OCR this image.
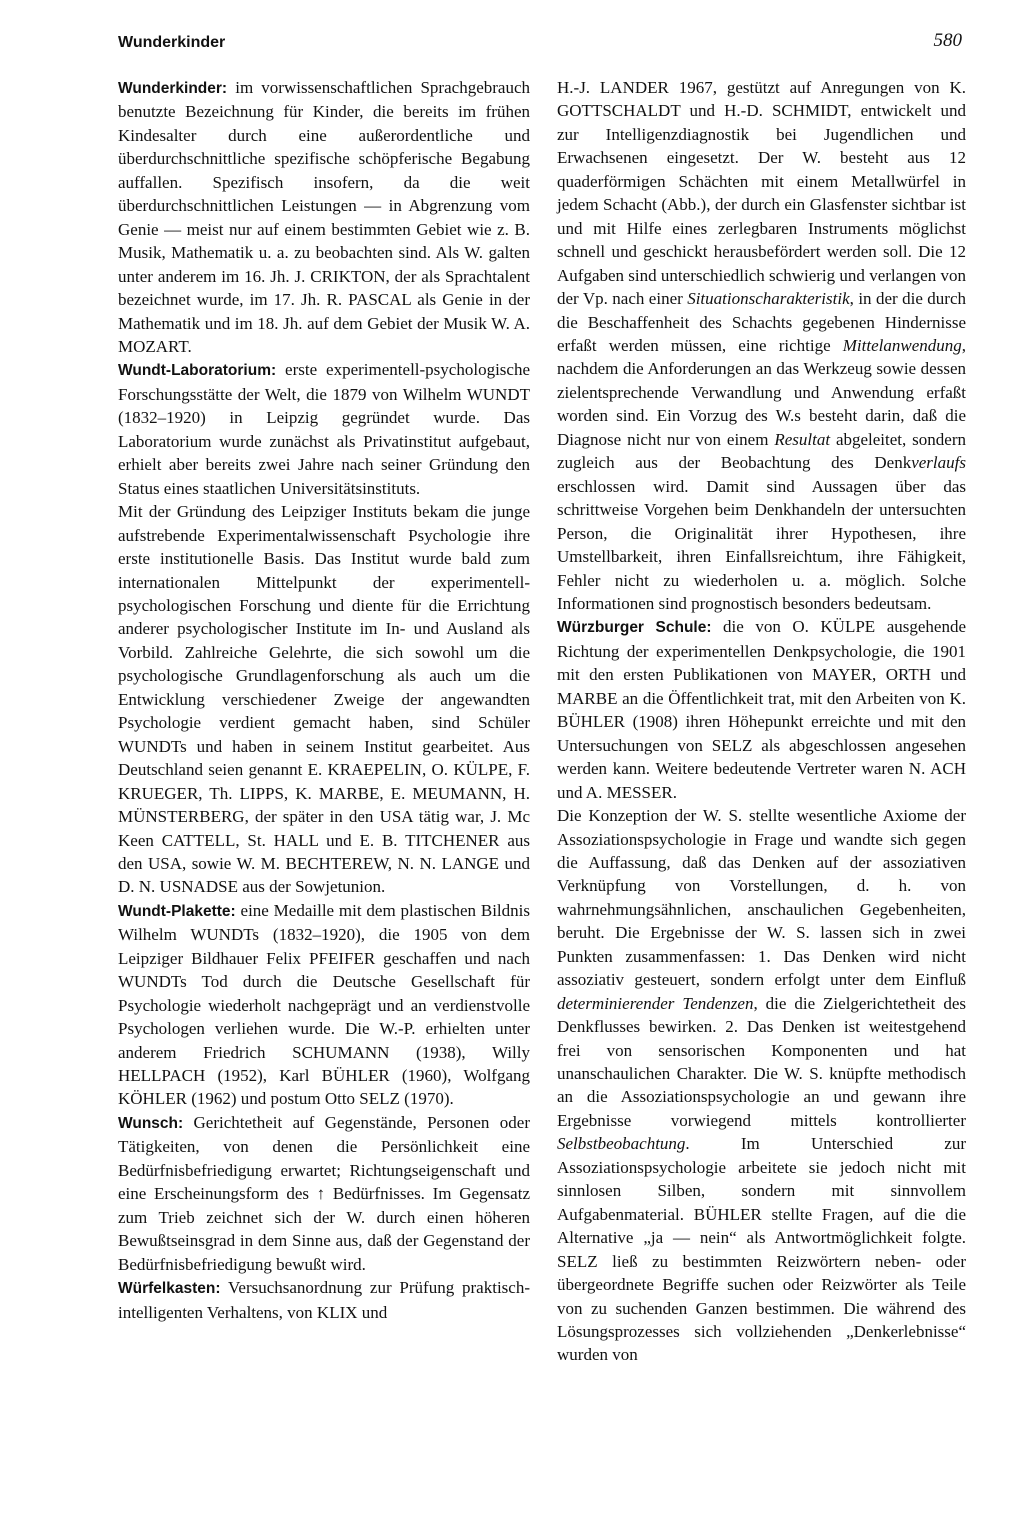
Wunderkinder	580

Wunderkinder: im vorwissenschaftlichen Sprachgebrauch benutzte Bezeichnung für Kinder, die bereits im frühen Kindesalter durch eine außerordentliche und überdurchschnittliche spezifische schöpferische Begabung auffallen. Spezifisch insofern, da die weit überdurchschnittlichen Leistungen — in Abgrenzung vom Genie — meist nur auf einem bestimmten Gebiet wie z. B. Musik, Mathematik u. a. zu beobachten sind. Als W. galten unter anderem im 16. Jh. J. CRIKTON, der als Sprachtalent bezeichnet wurde, im 17. Jh. R. PASCAL als Genie in der Mathematik und im 18. Jh. auf dem Gebiet der Musik W. A. MOZART.

Wundt-Laboratorium: erste experimentell-psychologische Forschungsstätte der Welt, die 1879 von Wilhelm WUNDT (1832–1920) in Leipzig gegründet wurde. Das Laboratorium wurde zunächst als Privatinstitut aufgebaut, erhielt aber bereits zwei Jahre nach seiner Gründung den Status eines staatlichen Universitätsinstituts.

Mit der Gründung des Leipziger Instituts bekam die junge aufstrebende Experimentalwissenschaft Psychologie ihre erste institutionelle Basis. Das Institut wurde bald zum internationalen Mittelpunkt der experimentell-psychologischen Forschung und diente für die Errichtung anderer psychologischer Institute im In- und Ausland als Vorbild. Zahlreiche Gelehrte, die sich sowohl um die psychologische Grundlagenforschung als auch um die Entwicklung verschiedener Zweige der angewandten Psychologie verdient gemacht haben, sind Schüler WUNDTs und haben in seinem Institut gearbeitet. Aus Deutschland seien genannt E. KRAEPELIN, O. KÜLPE, F. KRUEGER, Th. LIPPS, K. MARBE, E. MEUMANN, H. MÜNSTERBERG, der später in den USA tätig war, J. Mc Keen CATTELL, St. HALL und E. B. TITCHENER aus den USA, sowie W. M. BECHTEREW, N. N. LANGE und D. N. USNADSE aus der Sowjetunion.

Wundt-Plakette: eine Medaille mit dem plastischen Bildnis Wilhelm WUNDTs (1832–1920), die 1905 von dem Leipziger Bildhauer Felix PFEIFER geschaffen und nach WUNDTs Tod durch die Deutsche Gesellschaft für Psychologie wiederholt nachgeprägt und an verdienstvolle Psychologen verliehen wurde. Die W.-P. erhielten unter anderem Friedrich SCHUMANN (1938), Willy HELLPACH (1952), Karl BÜHLER (1960), Wolfgang KÖHLER (1962) und postum Otto SELZ (1970).

Wunsch: Gerichtetheit auf Gegenstände, Personen oder Tätigkeiten, von denen die Persönlichkeit eine Bedürfnisbefriedigung erwartet; Richtungseigenschaft und eine Erscheinungsform des ↑ Bedürfnisses. Im Gegensatz zum Trieb zeichnet sich der W. durch einen höheren Bewußtseinsgrad in dem Sinne aus, daß der Gegenstand der Bedürfnisbefriedigung bewußt wird.

Würfelkasten: Versuchsanordnung zur Prüfung praktisch-intelligenten Verhaltens, von KLIX und

H.-J. LANDER 1967, gestützt auf Anregungen von K. GOTTSCHALDT und H.-D. SCHMIDT, entwickelt und zur Intelligenzdiagnostik bei Jugendlichen und Erwachsenen eingesetzt. Der W. besteht aus 12 quaderförmigen Schächten mit einem Metallwürfel in jedem Schacht (Abb.), der durch ein Glasfenster sichtbar ist und mit Hilfe eines zerlegbaren Instruments möglichst schnell und geschickt herausbefördert werden soll. Die 12 Aufgaben sind unterschiedlich schwierig und verlangen von der Vp. nach einer Situationscharakteristik, in der die durch die Beschaffenheit des Schachts gegebenen Hindernisse erfaßt werden müssen, eine richtige Mittelanwendung, nachdem die Anforderungen an das Werkzeug sowie dessen zielentsprechende Verwandlung und Anwendung erfaßt worden sind. Ein Vorzug des W.s besteht darin, daß die Diagnose nicht nur von einem Resultat abgeleitet, sondern zugleich aus der Beobachtung des Denkverlaufs erschlossen wird. Damit sind Aussagen über das schrittweise Vorgehen beim Denkhandeln der untersuchten Person, die Originalität ihrer Hypothesen, ihre Umstellbarkeit, ihren Einfallsreichtum, ihre Fähigkeit, Fehler nicht zu wiederholen u. a. möglich. Solche Informationen sind prognostisch besonders bedeutsam.

Würzburger Schule: die von O. KÜLPE ausgehende Richtung der experimentellen Denkpsychologie, die 1901 mit den ersten Publikationen von MAYER, ORTH und MARBE an die Öffentlichkeit trat, mit den Arbeiten von K. BÜHLER (1908) ihren Höhepunkt erreichte und mit den Untersuchungen von SELZ als abgeschlossen angesehen werden kann. Weitere bedeutende Vertreter waren N. ACH und A. MESSER.

Die Konzeption der W. S. stellte wesentliche Axiome der Assoziationspsychologie in Frage und wandte sich gegen die Auffassung, daß das Denken auf der assoziativen Verknüpfung von Vorstellungen, d. h. von wahrnehmungsähnlichen, anschaulichen Gegebenheiten, beruht. Die Ergebnisse der W. S. lassen sich in zwei Punkten zusammenfassen: 1. Das Denken wird nicht assoziativ gesteuert, sondern erfolgt unter dem Einfluß determinierender Tendenzen, die die Zielgerichtetheit des Denkflusses bewirken. 2. Das Denken ist weitestgehend frei von sensorischen Komponenten und hat unanschaulichen Charakter. Die W. S. knüpfte methodisch an die Assoziationspsychologie an und gewann ihre Ergebnisse vorwiegend mittels kontrollierter Selbstbeobachtung. Im Unterschied zur Assoziationspsychologie arbeitete sie jedoch nicht mit sinnlosen Silben, sondern mit sinnvollem Aufgabenmaterial. BÜHLER stellte Fragen, auf die die Alternative „ja — nein“ als Antwortmöglichkeit folgte. SELZ ließ zu bestimmten Reizwörtern neben- oder übergeordnete Begriffe suchen oder Reizwörter als Teile von zu suchenden Ganzen bestimmen. Die während des Lösungsprozesses sich vollziehenden „Denkerlebnisse“ wurden von
